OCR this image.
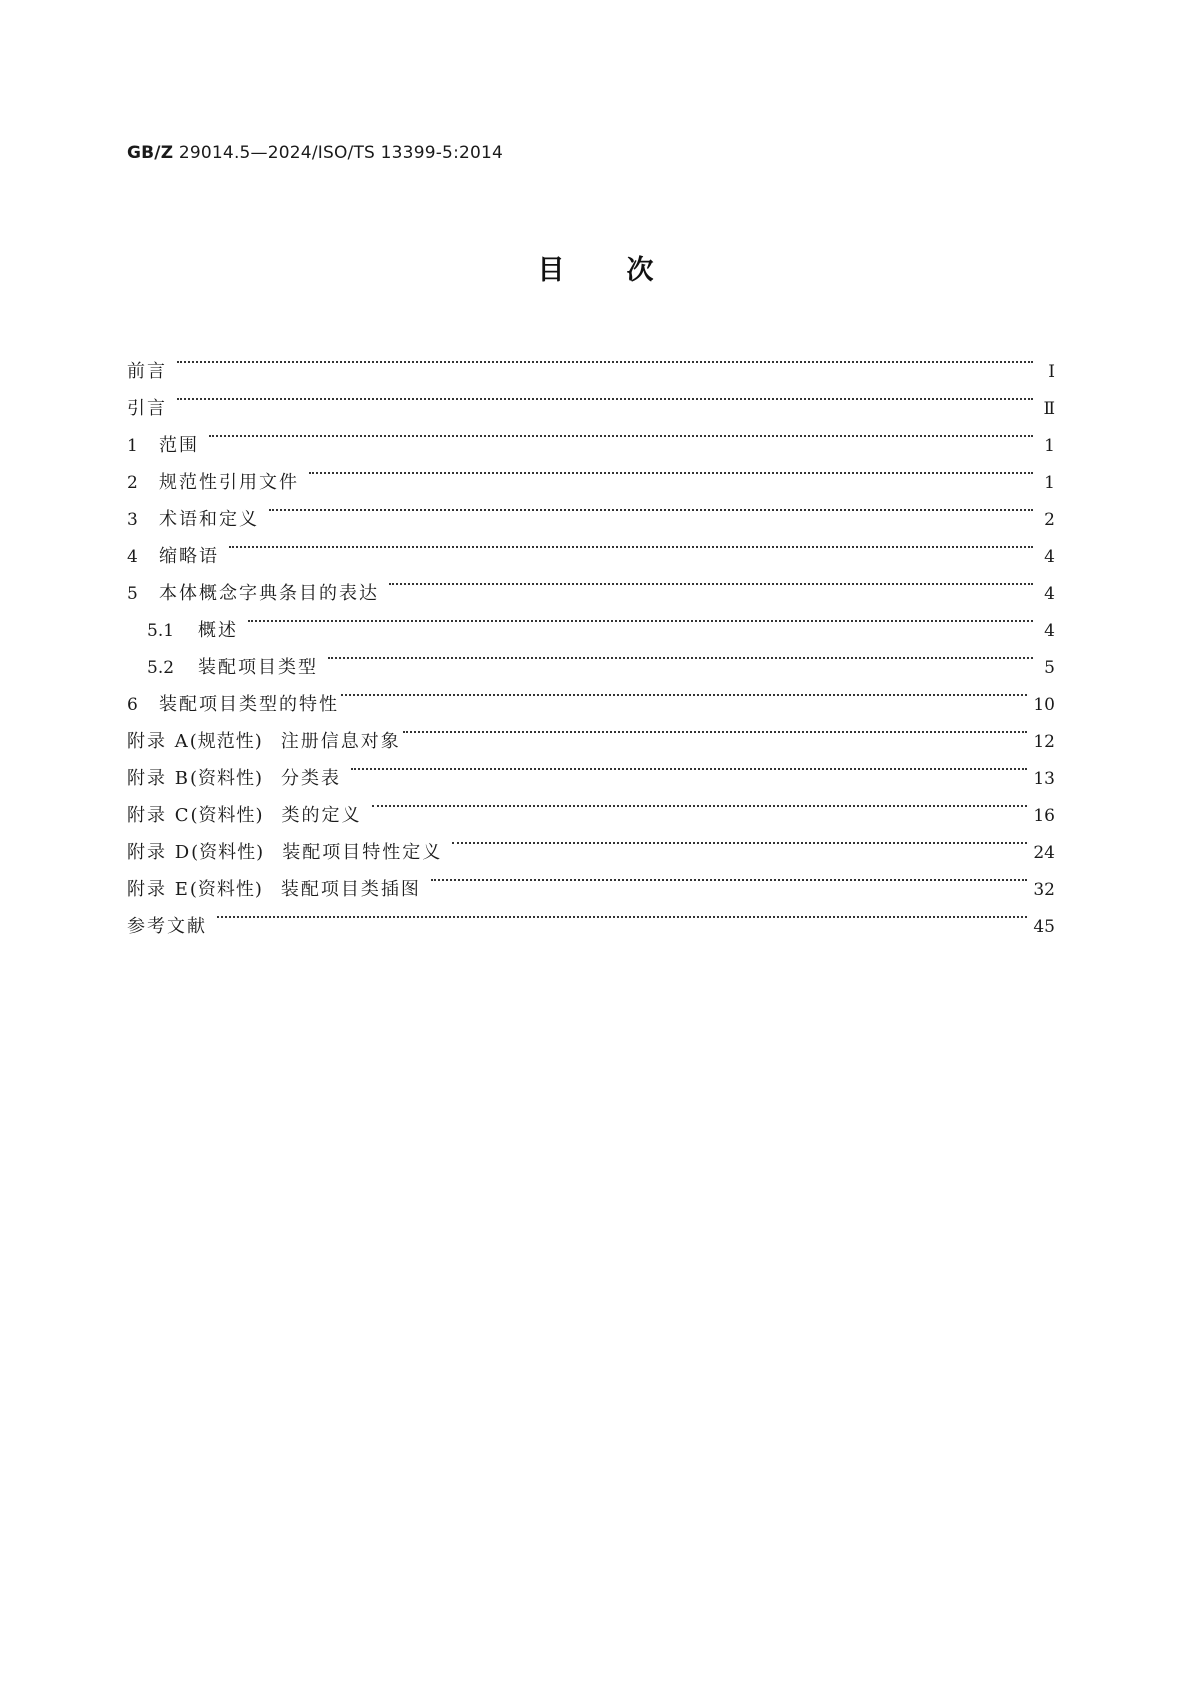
GB/Z 29014.5—2024/ISO/TS 13399-5:2014
目次
前言	Ⅰ
引言	Ⅱ
1	范围	1
2	规范性引用文件	1
3	术语和定义	2
4	缩略语	4
5	本体概念字典条目的表达	4
5.1	概述	4
5.2	装配项目类型	5
6	装配项目类型的特性	10
附录 A(规范性) 注册信息对象	12
附录 B(资料性) 分类表	13
附录 C(资料性) 类的定义	16
附录 D(资料性) 装配项目特性定义	24
附录 E(资料性) 装配项目类插图	32
参考文献	45
